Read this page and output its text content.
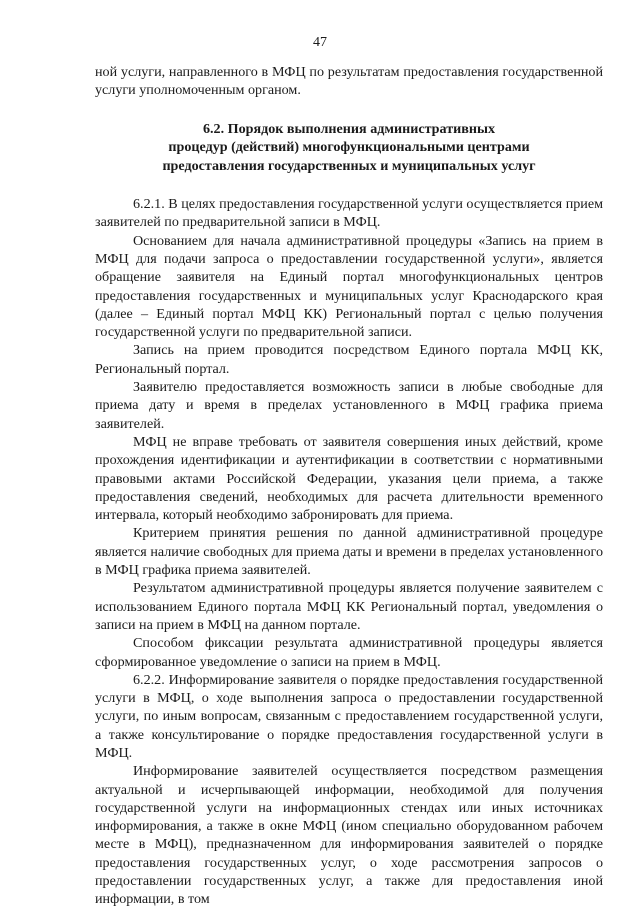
47

ной услуги, направленного в МФЦ по результатам предоставления государственной услуги уполномоченным органом.

6.2. Порядок выполнения административных
процедур (действий) многофункциональными центрами
предоставления государственных и муниципальных услуг

6.2.1. В целях предоставления государственной услуги осуществляется прием заявителей по предварительной записи в МФЦ.

Основанием для начала административной процедуры «Запись на прием в МФЦ для подачи запроса о предоставлении государственной услуги», является обращение заявителя на Единый портал многофункциональных центров предоставления государственных и муниципальных услуг Краснодарского края (далее – Единый портал МФЦ КК) Региональный портал с целью получения государственной услуги по предварительной записи.

Запись на прием проводится посредством Единого портала МФЦ КК, Региональный портал.

Заявителю предоставляется возможность записи в любые свободные для приема дату и время в пределах установленного в МФЦ графика приема заявителей.

МФЦ не вправе требовать от заявителя совершения иных действий, кроме прохождения идентификации и аутентификации в соответствии с нормативными правовыми актами Российской Федерации, указания цели приема, а также предоставления сведений, необходимых для расчета длительности временного интервала, который необходимо забронировать для приема.

Критерием принятия решения по данной административной процедуре является наличие свободных для приема даты и времени в пределах установленного в МФЦ графика приема заявителей.

Результатом административной процедуры является получение заявителем с использованием Единого портала МФЦ КК Региональный портал, уведомления о записи на прием в МФЦ на данном портале.

Способом фиксации результата административной процедуры является сформированное уведомление о записи на прием в МФЦ.

6.2.2. Информирование заявителя о порядке предоставления государственной услуги в МФЦ, о ходе выполнения запроса о предоставлении государственной услуги, по иным вопросам, связанным с предоставлением государственной услуги, а также консультирование о порядке предоставления государственной услуги в МФЦ.

Информирование заявителей осуществляется посредством размещения актуальной и исчерпывающей информации, необходимой для получения государственной услуги на информационных стендах или иных источниках информирования, а также в окне МФЦ (ином специально оборудованном рабочем месте в МФЦ), предназначенном для информирования заявителей о порядке предоставления государственных услуг, о ходе рассмотрения запросов о предоставлении государственных услуг, а также для предоставления иной информации, в том
